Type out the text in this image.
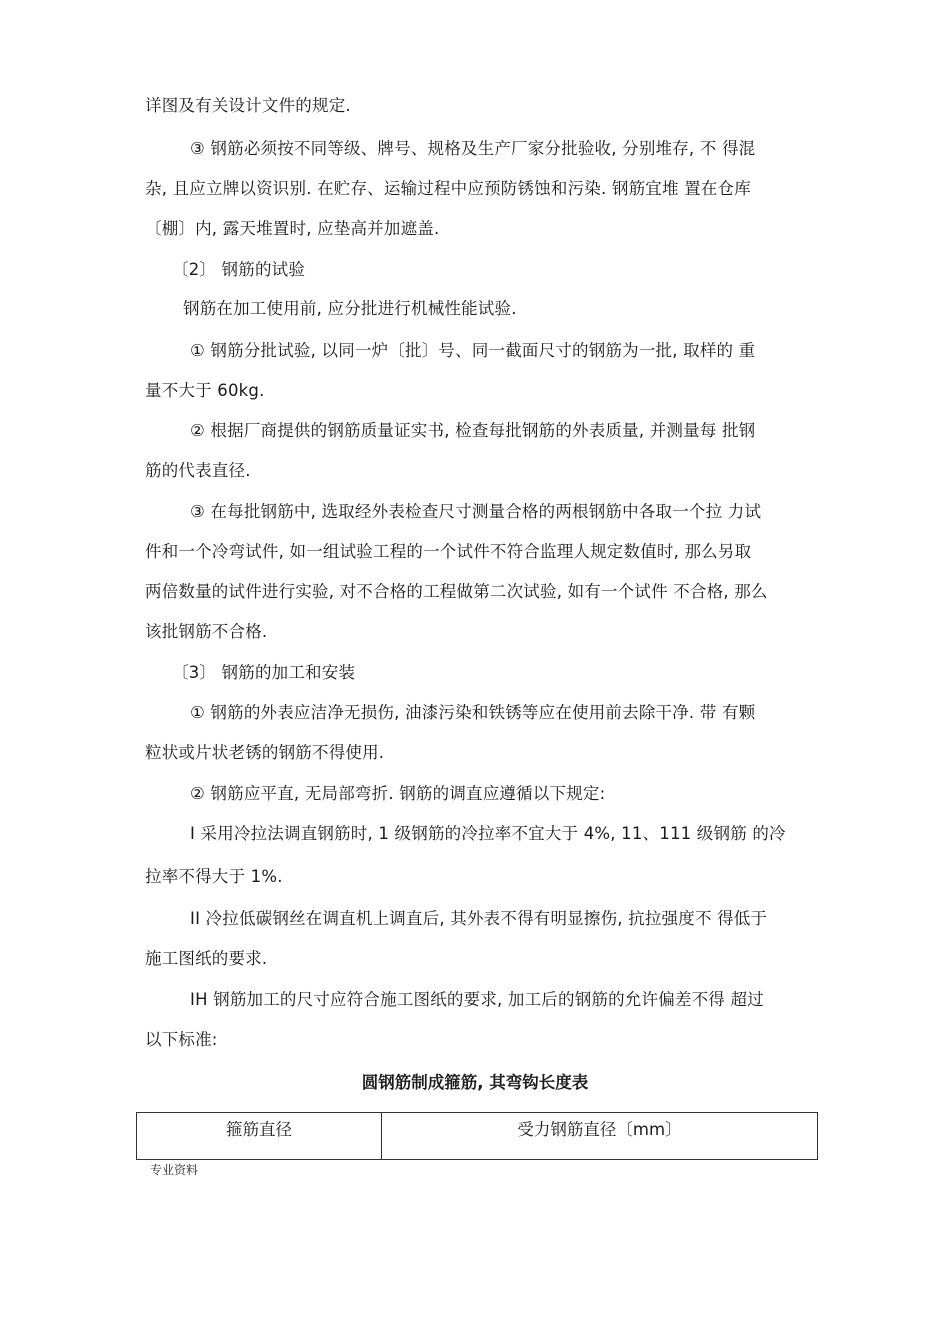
详图及有关设计文件的规定.
③ 钢筋必须按不同等级、牌号、规格及生产厂家分批验收, 分别堆存, 不 得混
杂, 且应立牌以资识别. 在贮存、运输过程中应预防锈蚀和污染. 钢筋宜堆 置在仓库
〔棚〕内, 露天堆置时, 应垫高并加遮盖.
〔2〕 钢筋的试验
钢筋在加工使用前, 应分批进行机械性能试验.
① 钢筋分批试验, 以同一炉〔批〕号、同一截面尺寸的钢筋为一批, 取样的 重
量不大于 60kg.
② 根据厂商提供的钢筋质量证实书, 检查每批钢筋的外表质量, 并测量每 批钢
筋的代表直径.
③ 在每批钢筋中, 选取经外表检查尺寸测量合格的两根钢筋中各取一个拉 力试
件和一个冷弯试件, 如一组试验工程的一个试件不符合监理人规定数值时, 那么另取
两倍数量的试件进行实验, 对不合格的工程做第二次试验, 如有一个试件 不合格, 那么
该批钢筋不合格.
〔3〕 钢筋的加工和安装
① 钢筋的外表应洁净无损伤, 油漆污染和铁锈等应在使用前去除干净. 带 有颗
粒状或片状老锈的钢筋不得使用.
② 钢筋应平直, 无局部弯折. 钢筋的调直应遵循以下规定:
I 采用冷拉法调直钢筋时, 1 级钢筋的冷拉率不宜大于 4%, 11、111 级钢筋 的冷
拉率不得大于 1%.
II 冷拉低碳钢丝在调直机上调直后, 其外表不得有明显擦伤, 抗拉强度不 得低于
施工图纸的要求.
IH 钢筋加工的尺寸应符合施工图纸的要求, 加工后的钢筋的允许偏差不得 超过
以下标准:
圆钢筋制成箍筋, 其弯钩长度表
箍筋直径	受力钢筋直径〔mm〕
专业资料
